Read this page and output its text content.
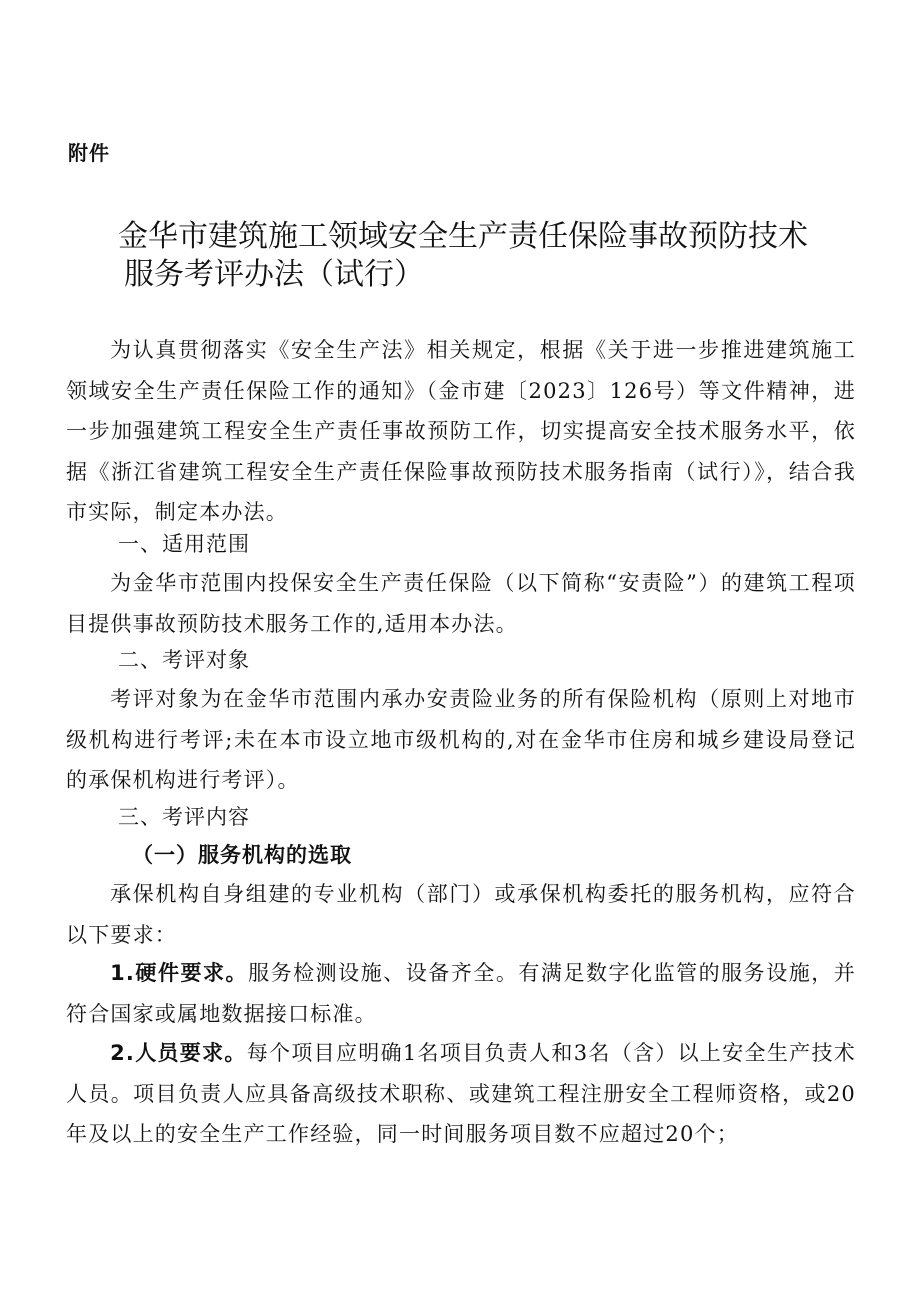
附件
金华市建筑施工领域安全生产责任保险事故预防技术
服务考评办法（试行）
为认真贯彻落实《安全生产法》相关规定，根据《关于进一步推进建筑施工领域安全生产责任保险工作的通知》（金市建〔2023〕126号）等文件精神，进一步加强建筑工程安全生产责任事故预防工作，切实提高安全技术服务水平，依据《浙江省建筑工程安全生产责任保险事故预防技术服务指南（试行）》，结合我市实际，制定本办法。
一、适用范围
为金华市范围内投保安全生产责任保险（以下简称“安责险”）的建筑工程项目提供事故预防技术服务工作的,适用本办法。
二、考评对象
考评对象为在金华市范围内承办安责险业务的所有保险机构（原则上对地市级机构进行考评;未在本市设立地市级机构的,对在金华市住房和城乡建设局登记的承保机构进行考评）。
三、考评内容
（一）服务机构的选取
承保机构自身组建的专业机构（部门）或承保机构委托的服务机构，应符合以下要求：
1.硬件要求。服务检测设施、设备齐全。有满足数字化监管的服务设施，并符合国家或属地数据接口标准。
2.人员要求。每个项目应明确1名项目负责人和3名（含）以上安全生产技术人员。项目负责人应具备高级技术职称、或建筑工程注册安全工程师资格，或20年及以上的安全生产工作经验，同一时间服务项目数不应超过20个；
